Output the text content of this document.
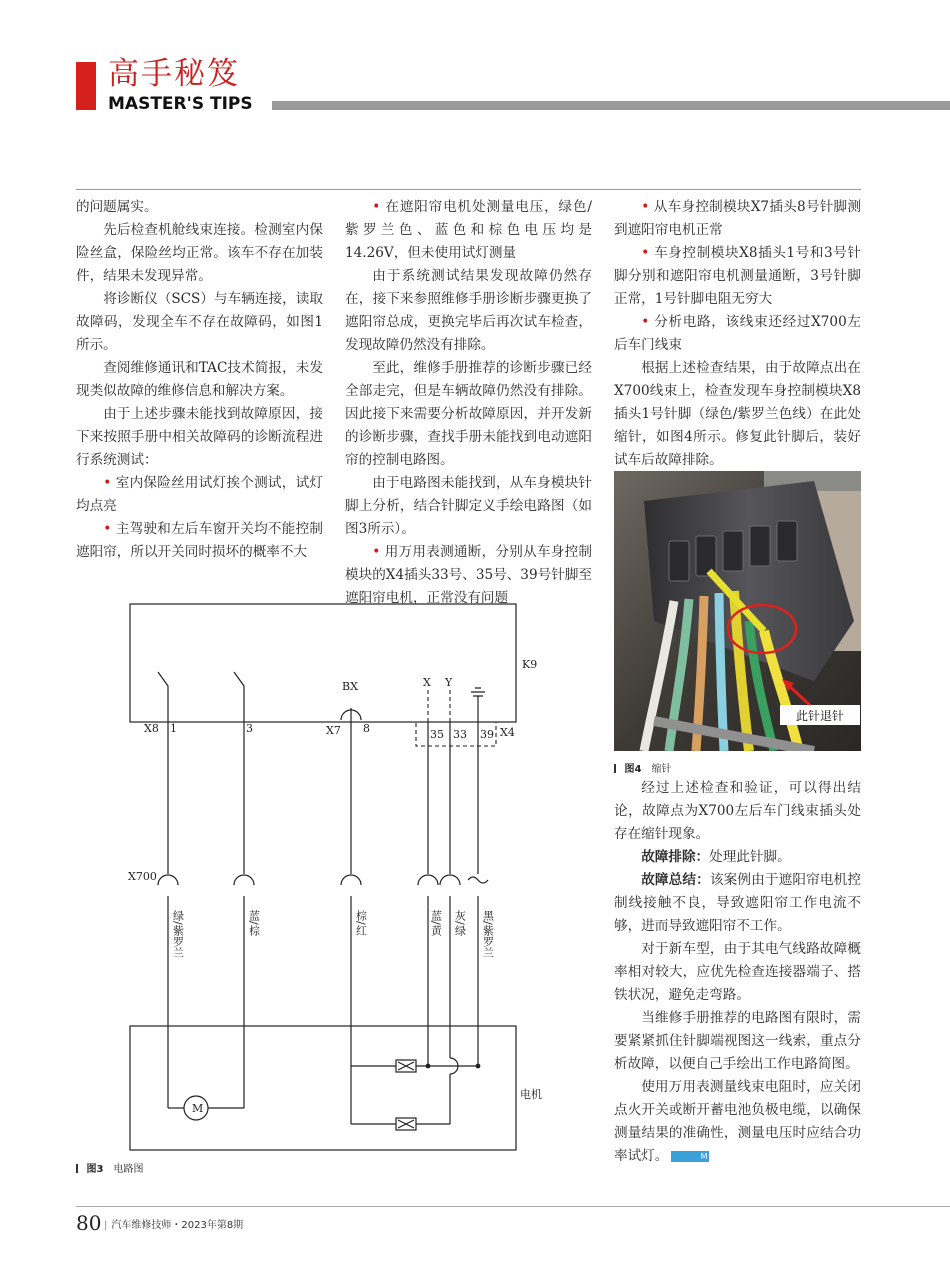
高手秘笈
MASTER'S TIPS

的问题属实。

先后检查机舱线束连接。检测室内保险丝盒，保险丝均正常。该车不存在加装件，结果未发现异常。

将诊断仪（SCS）与车辆连接，读取故障码，发现全车不存在故障码，如图1所示。

查阅维修通讯和TAC技术简报，未发现类似故障的维修信息和解决方案。

由于上述步骤未能找到故障原因，接下来按照手册中相关故障码的诊断流程进行系统测试：

• 室内保险丝用试灯挨个测试，试灯均点亮

• 主驾驶和左后车窗开关均不能控制遮阳帘，所以开关同时损坏的概率不大

• 在遮阳帘电机处测量电压，绿色/紫罗兰色、蓝色和棕色电压均是14.26V，但未使用试灯测量

由于系统测试结果发现故障仍然存在，接下来参照维修手册诊断步骤更换了遮阳帘总成，更换完毕后再次试车检查，发现故障仍然没有排除。

至此，维修手册推荐的诊断步骤已经全部走完，但是车辆故障仍然没有排除。因此接下来需要分析故障原因，并开发新的诊断步骤，查找手册未能找到电动遮阳帘的控制电路图。

由于电路图未能找到，从车身模块针脚上分析，结合针脚定义手绘电路图（如图3所示）。

• 用万用表测通断，分别从车身控制模块的X4插头33号、35号、39号针脚至遮阳帘电机，正常没有问题

• 从车身控制模块X7插头8号针脚测到遮阳帘电机正常

• 车身控制模块X8插头1号和3号针脚分别和遮阳帘电机测量通断，3号针脚正常，1号针脚电阻无穷大

• 分析电路，该线束还经过X700左后车门线束

根据上述检查结果，由于故障点出在X700线束上，检查发现车身控制模块X8插头1号针脚（绿色/紫罗兰色线）在此处缩针，如图4所示。修复此针脚后，装好试车后故障排除。

此针退针
图4 缩针
K9
BX	X Y
X8 1	3	X7 8	35 33 39 X4
X700
M
电机
绿/紫罗兰	蓝/棕	棕/红	蓝/黄 灰/绿 黑/紫罗兰
图3 电路图
80 | 汽车维修技师・2023年第8期

经过上述检查和验证，可以得出结论，故障点为X700左后车门线束插头处存在缩针现象。

故障排除：处理此针脚。

故障总结：该案例由于遮阳帘电机控制线接触不良，导致遮阳帘工作电流不够，进而导致遮阳帘不工作。

对于新车型，由于其电气线路故障概率相对较大，应优先检查连接器端子、搭铁状况，避免走弯路。

当维修手册推荐的电路图有限时，需要紧紧抓住针脚端视图这一线索，重点分析故障，以便自己手绘出工作电路简图。

使用万用表测量线束电阻时，应关闭点火开关或断开蓄电池负极电缆，以确保测量结果的准确性，测量电压时应结合功率试灯。	M
